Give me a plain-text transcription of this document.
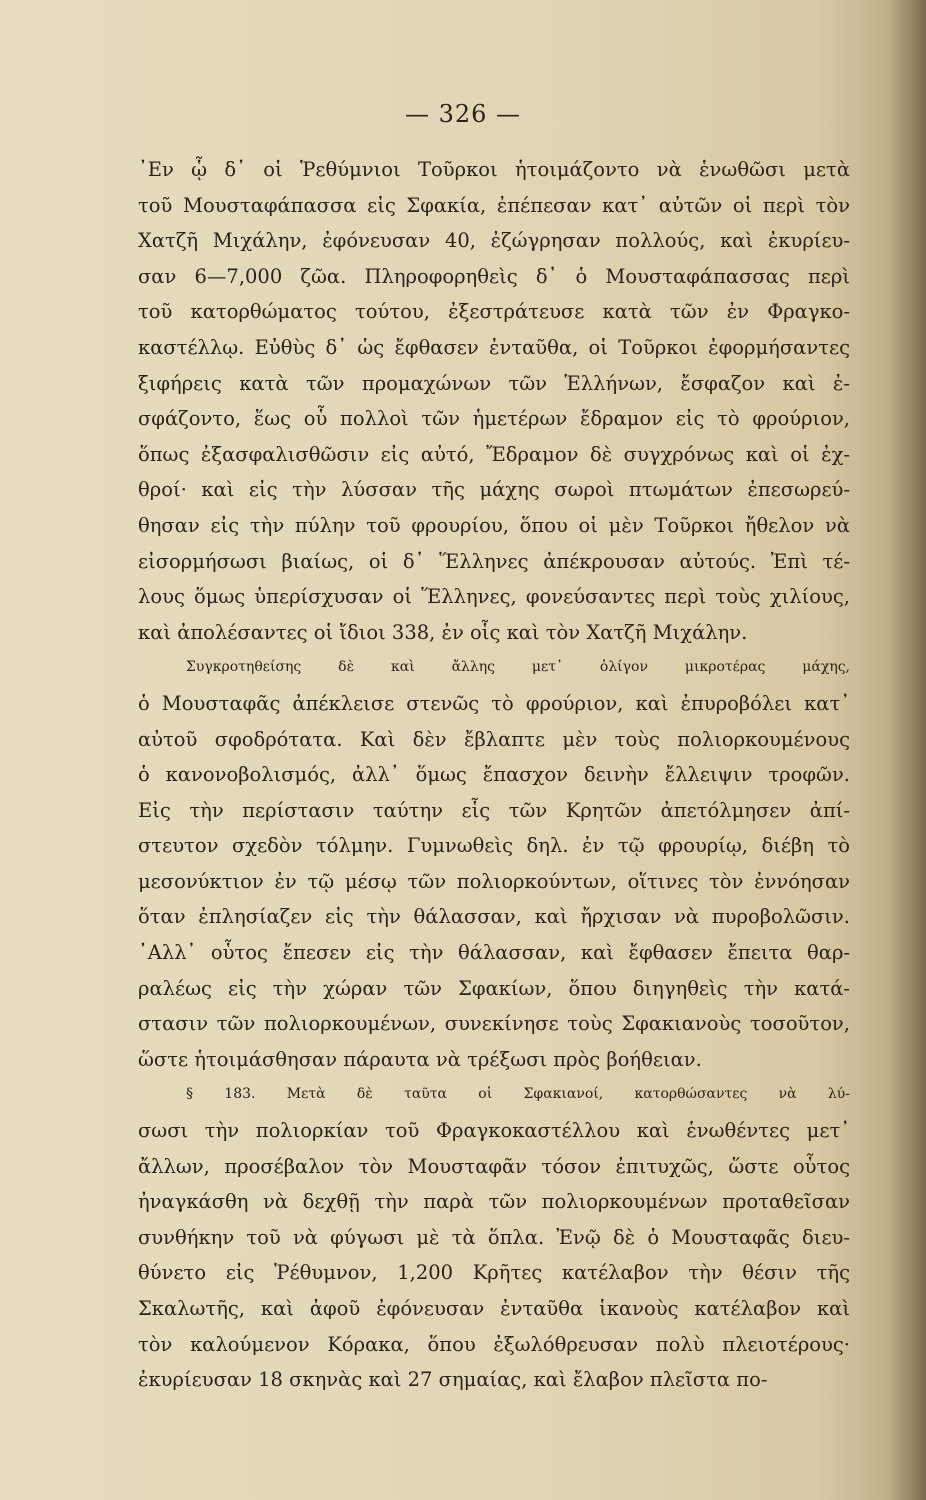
— 326 —
᾽Εν ᾧ δ᾽ οἱ Ῥεθύμνιοι Τοῦρκοι ἡτοιμάζοντο νὰ ἑνωθῶσι μετὰ
τοῦ Μουσταφάπασσα εἰς Σφακία, ἐπέπεσαν κατ᾽ αὐτῶν οἱ περὶ τὸν
Χατζῆ Μιχάλην, ἐφόνευσαν 40, ἐζώγρησαν πολλούς, καὶ ἐκυρίευ-
σαν 6—7,000 ζῶα. Πληροφορηθεὶς δ᾽ ὁ Μουσταφάπασσας περὶ
τοῦ κατορθώματος τούτου, ἐξεστράτευσε κατὰ τῶν ἐν Φραγκο-
καστέλλῳ. Εὐθὺς δ᾽ ὡς ἔφθασεν ἐνταῦθα, οἱ Τοῦρκοι ἐφορμήσαντες
ξιφήρεις κατὰ τῶν προμαχώνων τῶν Ἑλλήνων, ἔσφαζον καὶ ἐ-
σφάζοντο, ἕως οὗ πολλοὶ τῶν ἡμετέρων ἔδραμον εἰς τὸ φρούριον,
ὅπως ἐξασφαλισθῶσιν εἰς αὐτό, Ἔδραμον δὲ συγχρόνως καὶ οἱ ἐχ-
θροί· καὶ εἰς τὴν λύσσαν τῆς μάχης σωροὶ πτωμάτων ἐπεσωρεύ-
θησαν εἰς τὴν πύλην τοῦ φρουρίου, ὅπου οἱ μὲν Τοῦρκοι ἤθελον νὰ
εἰσορμήσωσι βιαίως, οἱ δ᾽ Ἕλληνες ἀπέκρουσαν αὐτούς. Ἐπὶ τέ-
λους ὅμως ὑπερίσχυσαν οἱ Ἕλληνες, φονεύσαντες περὶ τοὺς χιλίους,
καὶ ἀπολέσαντες οἱ ἴδιοι 338, ἐν οἷς καὶ τὸν Χατζῆ Μιχάλην.
Συγκροτηθείσης δὲ καὶ ἄλλης μετ᾽ ὀλίγον μικροτέρας μάχης,
ὁ Μουσταφᾶς ἀπέκλεισε στενῶς τὸ φρούριον, καὶ ἐπυροβόλει κατ᾽
αὐτοῦ σφοδρότατα. Καὶ δὲν ἔβλαπτε μὲν τοὺς πολιορκουμένους
ὁ κανονοβολισμός, ἀλλ᾽ ὅμως ἔπασχον δεινὴν ἔλλειψιν τροφῶν.
Εἰς τὴν περίστασιν ταύτην εἷς τῶν Κρητῶν ἀπετόλμησεν ἀπί-
στευτον σχεδὸν τόλμην. Γυμνωθεὶς δηλ. ἐν τῷ φρουρίῳ, διέβη τὸ
μεσονύκτιον ἐν τῷ μέσῳ τῶν πολιορκούντων, οἵτινες τὸν ἐννόησαν
ὅταν ἐπλησίαζεν εἰς τὴν θάλασσαν, καὶ ἤρχισαν νὰ πυροβολῶσιν.
᾽Αλλ᾽ οὗτος ἔπεσεν εἰς τὴν θάλασσαν, καὶ ἔφθασεν ἔπειτα θαρ-
ραλέως εἰς τὴν χώραν τῶν Σφακίων, ὅπου διηγηθεὶς τὴν κατά-
στασιν τῶν πολιορκουμένων, συνεκίνησε τοὺς Σφακιανοὺς τοσοῦτον,
ὥστε ἡτοιμάσθησαν πάραυτα νὰ τρέξωσι πρὸς βοήθειαν.
§ 183. Μετὰ δὲ ταῦτα οἱ Σφακιανοί, κατορθώσαντες νὰ λύ-
σωσι τὴν πολιορκίαν τοῦ Φραγκοκαστέλλου καὶ ἑνωθέντες μετ᾽
ἄλλων, προσέβαλον τὸν Μουσταφᾶν τόσον ἐπιτυχῶς, ὥστε οὗτος
ἠναγκάσθη νὰ δεχθῇ τὴν παρὰ τῶν πολιορκουμένων προταθεῖσαν
συνθήκην τοῦ νὰ φύγωσι μὲ τὰ ὅπλα. Ἐνῷ δὲ ὁ Μουσταφᾶς διευ-
θύνετο εἰς Ῥέθυμνον, 1,200 Κρῆτες κατέλαβον τὴν θέσιν τῆς
Σκαλωτῆς, καὶ ἀφοῦ ἐφόνευσαν ἐνταῦθα ἱκανοὺς κατέλαβον καὶ
τὸν καλούμενον Κόρακα, ὅπου ἐξωλόθρευσαν πολὺ πλειοτέρους·
ἐκυρίευσαν 18 σκηνὰς καὶ 27 σημαίας, καὶ ἔλαβον πλεῖστα πο-
